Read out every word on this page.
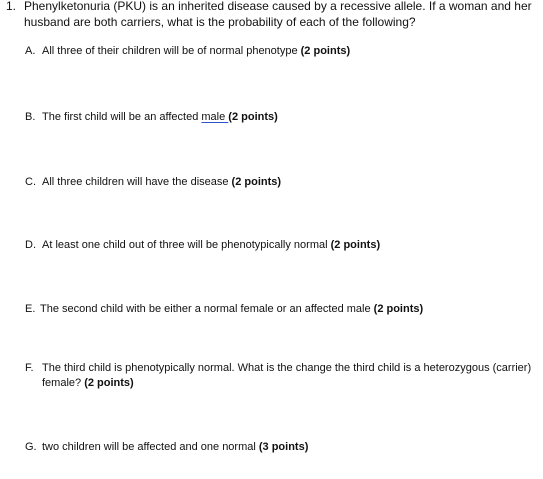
1. Phenylketonuria (PKU) is an inherited disease caused by a recessive allele. If a woman and her husband are both carriers, what is the probability of each of the following?
A. All three of their children will be of normal phenotype (2 points)
B. The first child will be an affected male (2 points)
C. All three children will have the disease (2 points)
D. At least one child out of three will be phenotypically normal (2 points)
E. The second child with be either a normal female or an affected male (2 points)
F. The third child is phenotypically normal. What is the change the third child is a heterozygous (carrier) female? (2 points)
G. two children will be affected and one normal (3 points)
